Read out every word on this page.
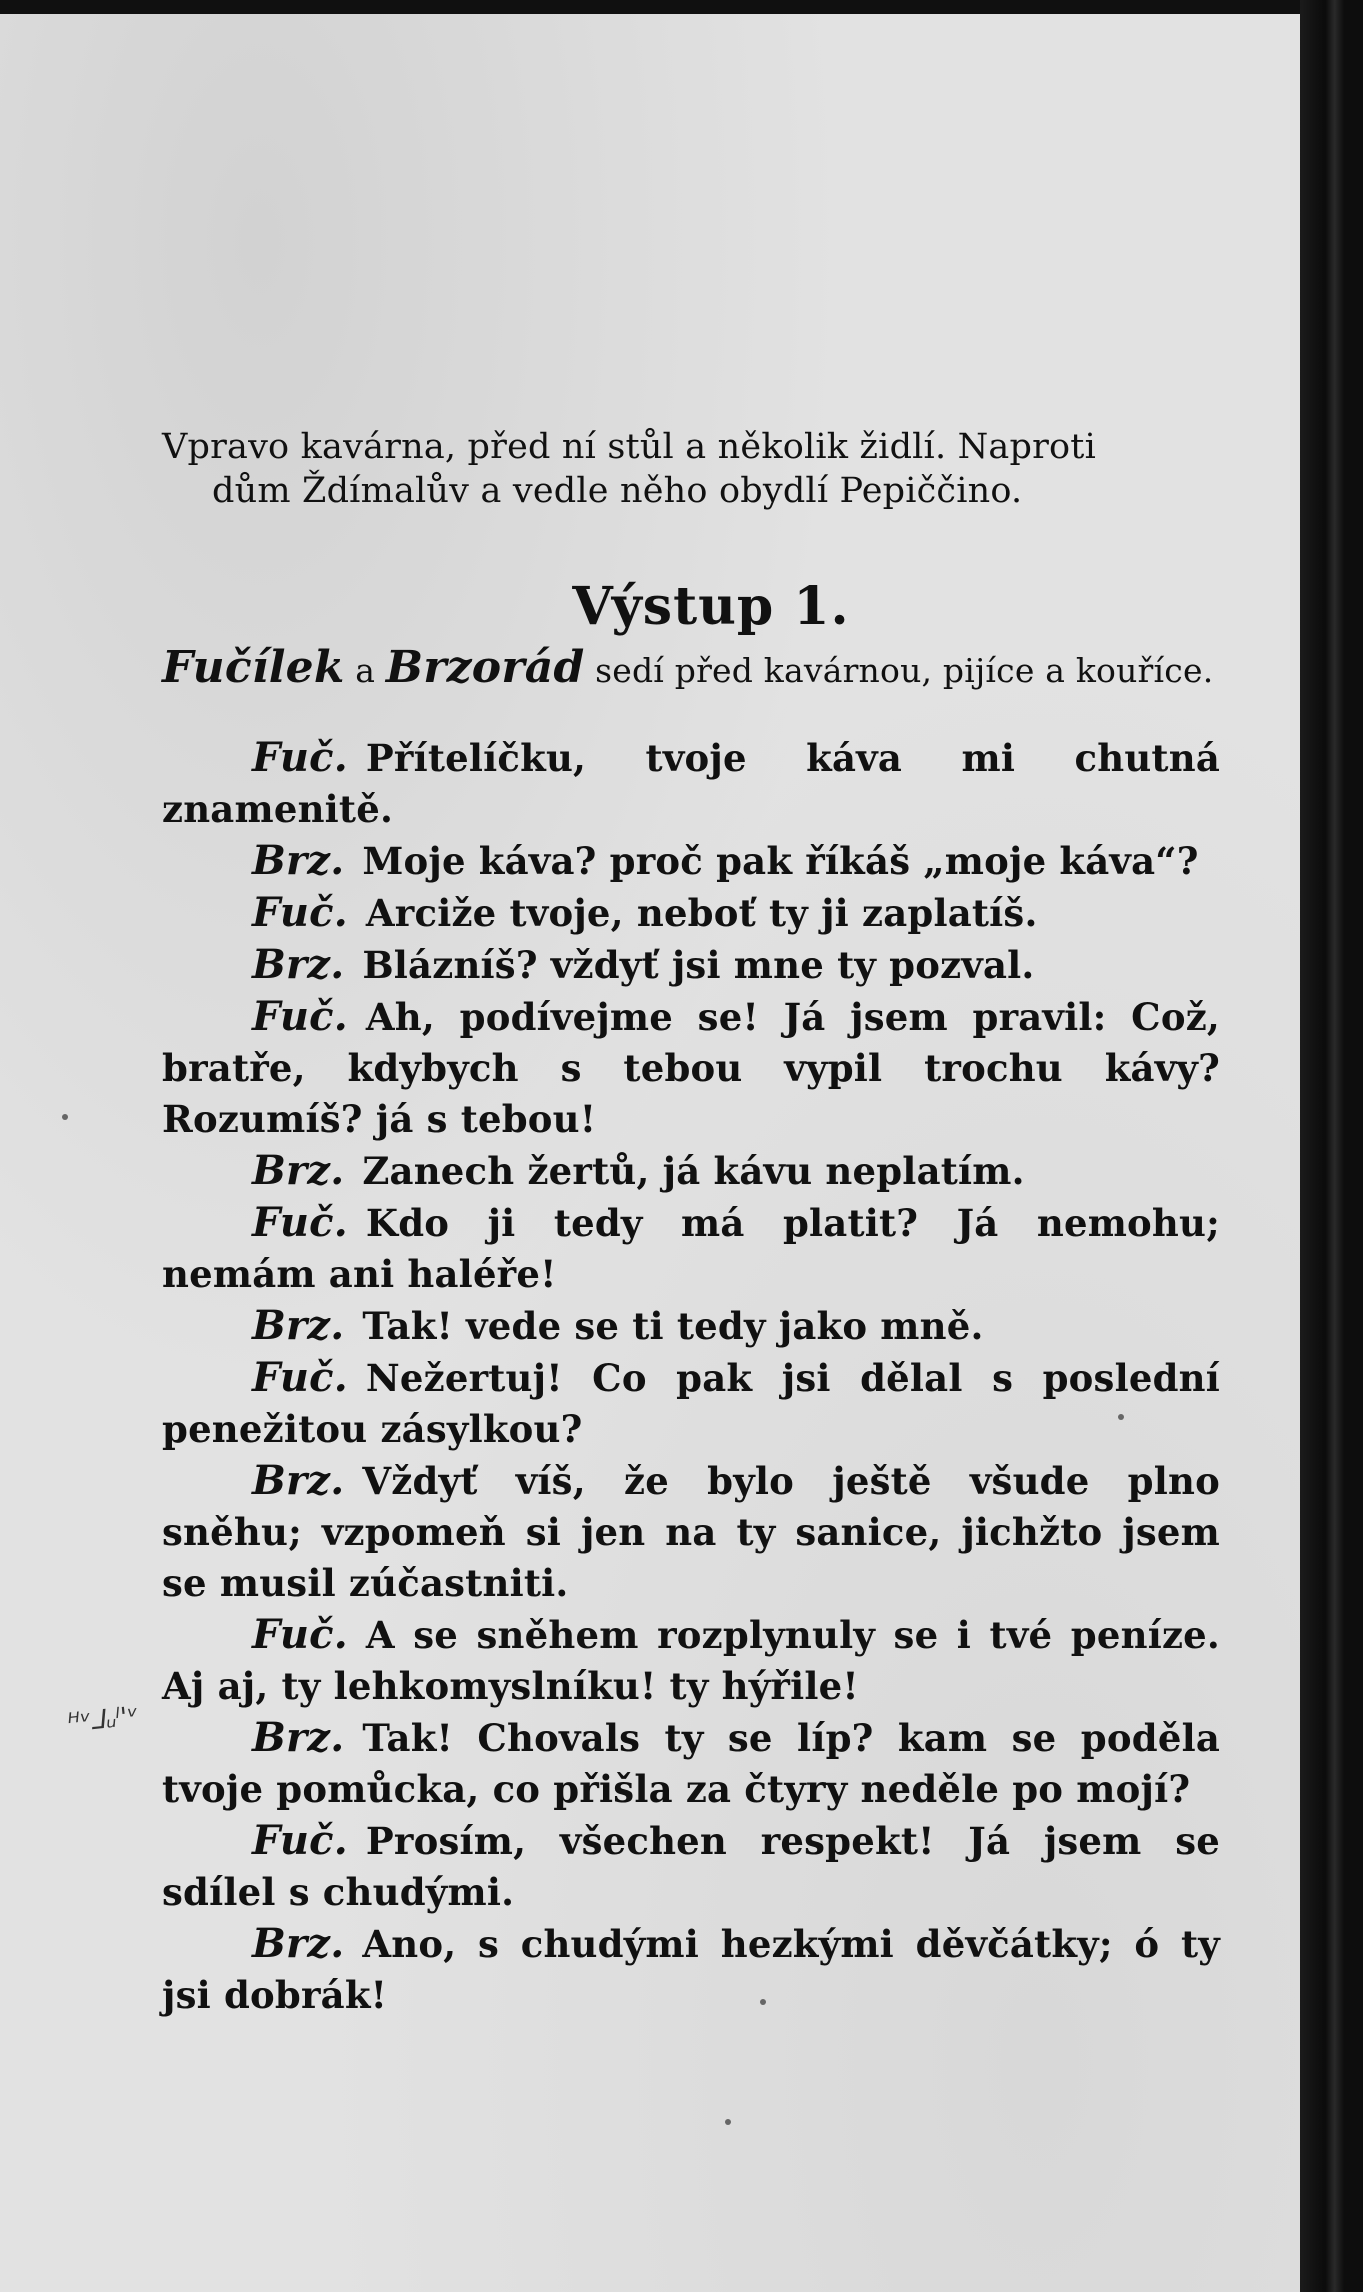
ᴴᵛ⅃ᵤˡ'ᵛ
Vpravo kavárna, před ní stůl a několik židlí. Naproti
dům Ždímalův a vedle něho obydlí Pepiččino.
Výstup 1.
Fučílek a Brzorád sedí před kavárnou, pijíce a kouříce.

Fuč. Přítelíčku, tvoje káva mi chutná znamenitě.

Brz. Moje káva? proč pak říkáš „moje káva“?

Fuč. Arciže tvoje, neboť ty ji zaplatíš.

Brz. Blázníš? vždyť jsi mne ty pozval.

Fuč. Ah, podívejme se! Já jsem pravil: Což, bratře, kdybych s tebou vypil trochu kávy? Rozumíš? já s tebou!

Brz. Zanech žertů, já kávu neplatím.

Fuč. Kdo ji tedy má platit? Já nemohu; nemám ani haléře!

Brz. Tak! vede se ti tedy jako mně.

Fuč. Nežertuj! Co pak jsi dělal s poslední penežitou zásylkou?

Brz. Vždyť víš, že bylo ještě všude plno sněhu; vzpomeň si jen na ty sanice, jichžto jsem se musil zúčastniti.

Fuč. A se sněhem rozplynuly se i tvé peníze. Aj aj, ty lehkomyslníku! ty hýřile!

Brz. Tak! Chovals ty se líp? kam se poděla tvoje pomůcka, co přišla za čtyry neděle po mojí?

Fuč. Prosím, všechen respekt! Já jsem se sdílel s chudými.

Brz. Ano, s chudými hezkými děvčátky; ó ty jsi dobrák!
